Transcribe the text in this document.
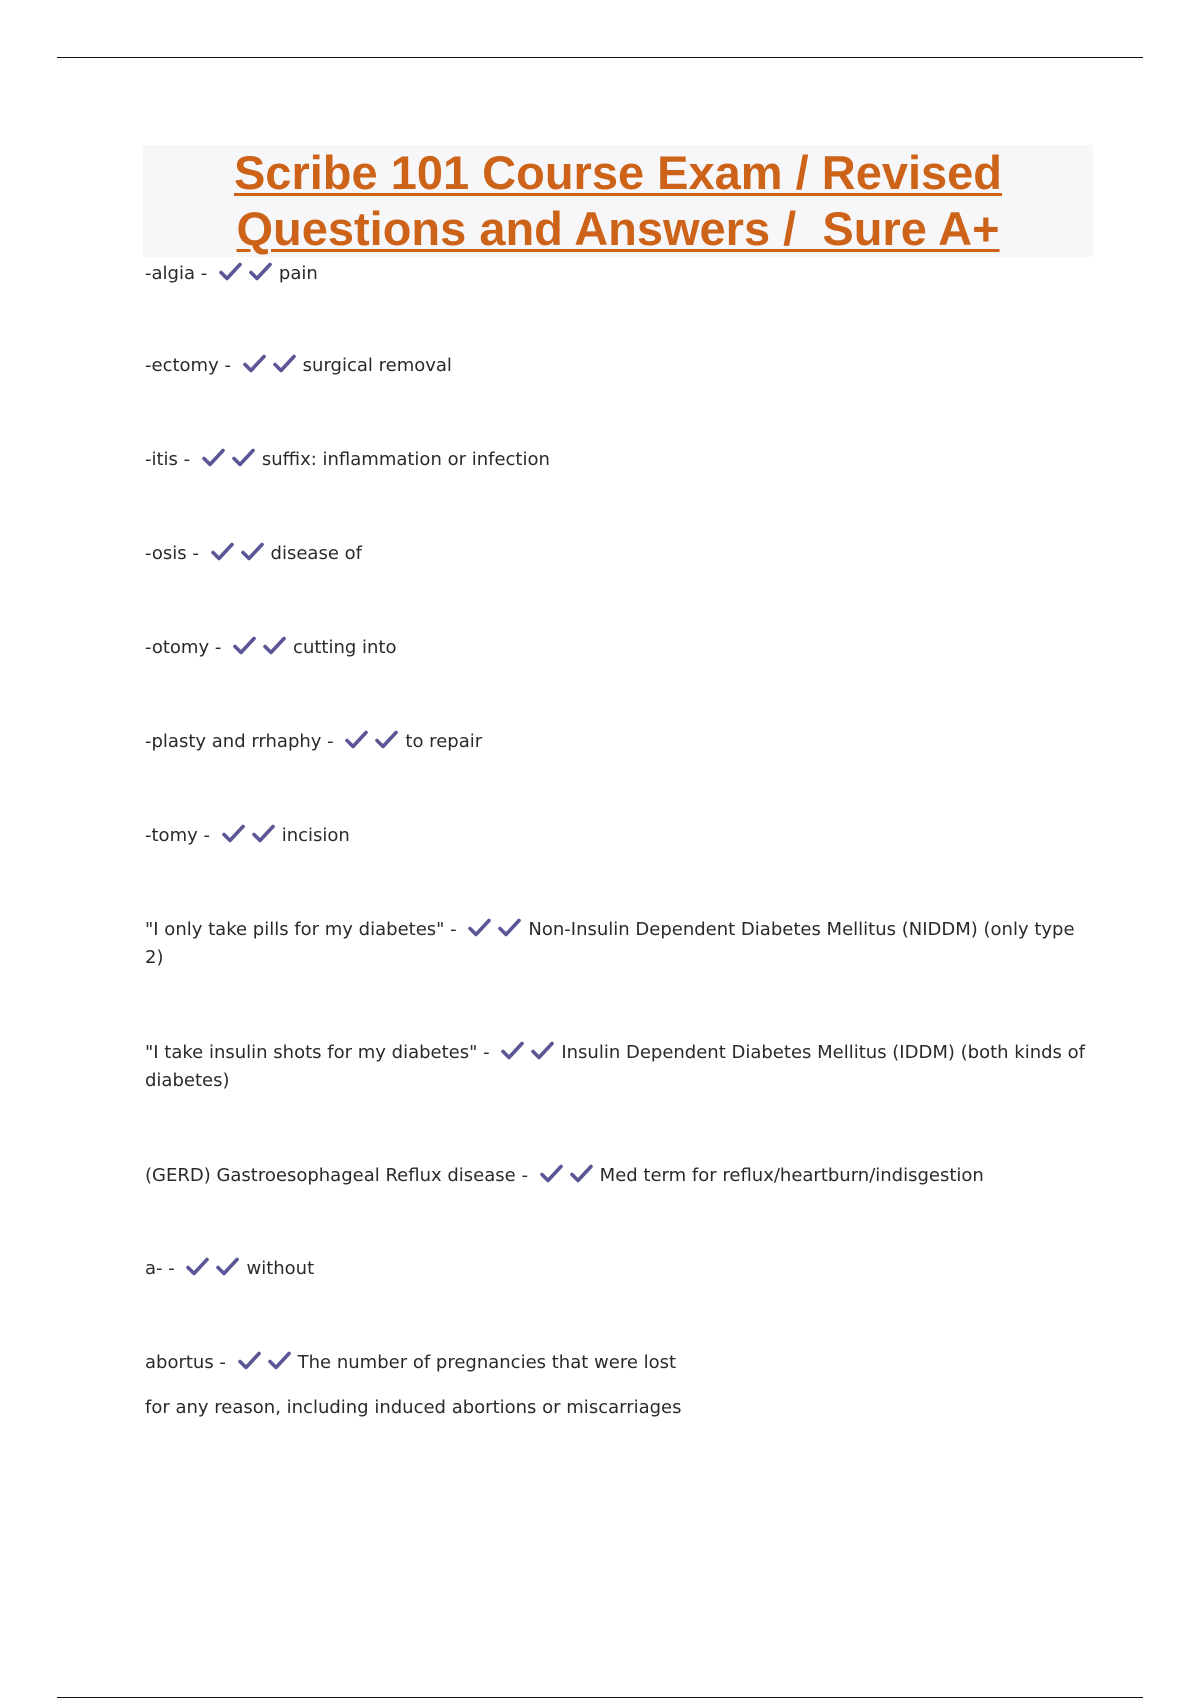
Scribe 101 Course Exam / Revised
Questions and Answers /  Sure A+

-algia -	pain

-ectomy -	surgical removal

-itis -	suffix: inflammation or infection

-osis -	disease of

-otomy -	cutting into

-plasty and rrhaphy -	to repair

-tomy -	incision

"I only take pills for my diabetes" -	Non-Insulin Dependent Diabetes Mellitus (NIDDM) (only type 2)

"I take insulin shots for my diabetes" -	Insulin Dependent Diabetes Mellitus (IDDM) (both kinds of diabetes)

(GERD) Gastroesophageal Reflux disease -	Med term for reflux/heartburn/indisgestion

a- -	without

abortus -	The number of pregnancies that were lost

for any reason, including induced abortions or miscarriages
